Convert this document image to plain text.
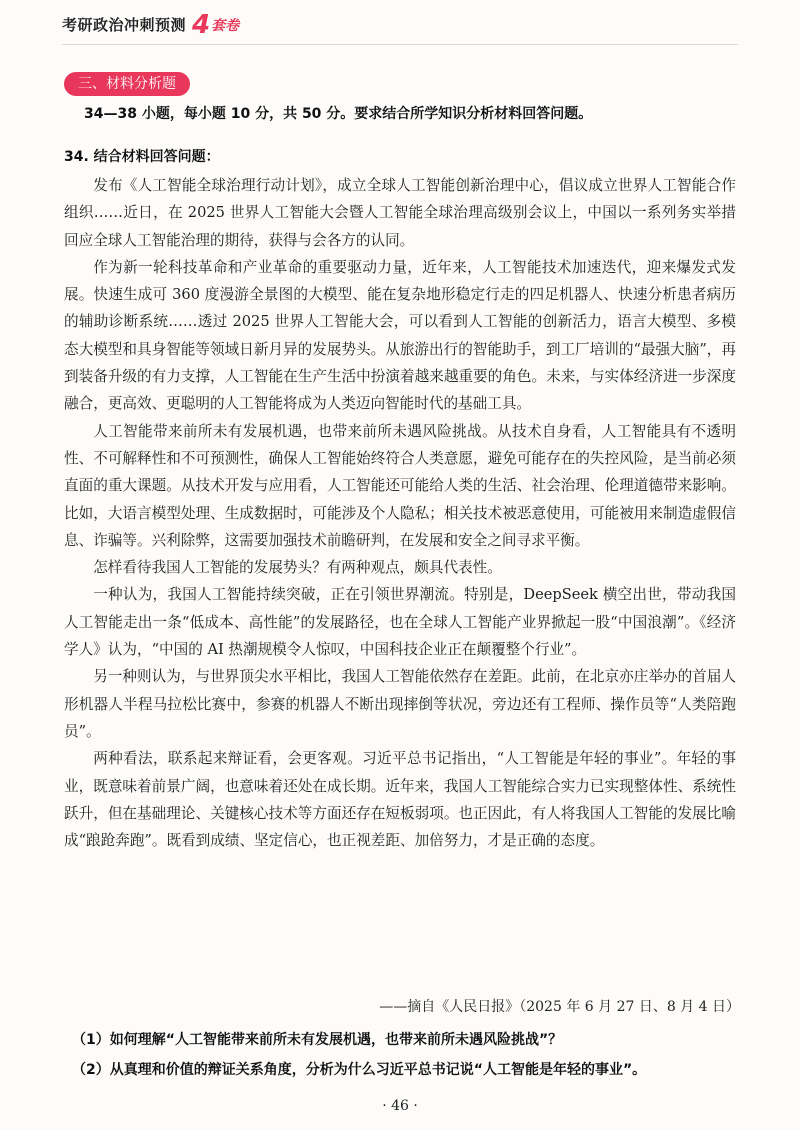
考研政治冲刺预测 4 套卷
三、材料分析题
34—38 小题，每小题 10 分，共 50 分。要求结合所学知识分析材料回答问题。
34. 结合材料回答问题：

发布《人工智能全球治理行动计划》，成立全球人工智能创新治理中心，倡议成立世界人工智能合作组织……近日，在 2025 世界人工智能大会暨人工智能全球治理高级别会议上，中国以一系列务实举措回应全球人工智能治理的期待，获得与会各方的认同。

作为新一轮科技革命和产业革命的重要驱动力量，近年来，人工智能技术加速迭代，迎来爆发式发展。快速生成可 360 度漫游全景图的大模型、能在复杂地形稳定行走的四足机器人、快速分析患者病历的辅助诊断系统……透过 2025 世界人工智能大会，可以看到人工智能的创新活力，语言大模型、多模态大模型和具身智能等领域日新月异的发展势头。从旅游出行的智能助手，到工厂培训的“最强大脑”，再到装备升级的有力支撑，人工智能在生产生活中扮演着越来越重要的角色。未来，与实体经济进一步深度融合，更高效、更聪明的人工智能将成为人类迈向智能时代的基础工具。

人工智能带来前所未有发展机遇，也带来前所未遇风险挑战。从技术自身看，人工智能具有不透明性、不可解释性和不可预测性，确保人工智能始终符合人类意愿，避免可能存在的失控风险，是当前必须直面的重大课题。从技术开发与应用看，人工智能还可能给人类的生活、社会治理、伦理道德带来影响。比如，大语言模型处理、生成数据时，可能涉及个人隐私；相关技术被恶意使用，可能被用来制造虚假信息、诈骗等。兴利除弊，这需要加强技术前瞻研判，在发展和安全之间寻求平衡。

怎样看待我国人工智能的发展势头？有两种观点，颇具代表性。

一种认为，我国人工智能持续突破，正在引领世界潮流。特别是，DeepSeek 横空出世，带动我国人工智能走出一条“低成本、高性能”的发展路径，也在全球人工智能产业界掀起一股“中国浪潮”。《经济学人》认为，“中国的 AI 热潮规模令人惊叹，中国科技企业正在颠覆整个行业”。

另一种则认为，与世界顶尖水平相比，我国人工智能依然存在差距。此前，在北京亦庄举办的首届人形机器人半程马拉松比赛中，参赛的机器人不断出现摔倒等状况，旁边还有工程师、操作员等“人类陪跑员”。

两种看法，联系起来辩证看，会更客观。习近平总书记指出，“人工智能是年轻的事业”。年轻的事业，既意味着前景广阔，也意味着还处在成长期。近年来，我国人工智能综合实力已实现整体性、系统性跃升，但在基础理论、关键核心技术等方面还存在短板弱项。也正因此，有人将我国人工智能的发展比喻成“踉跄奔跑”。既看到成绩、坚定信心，也正视差距、加倍努力，才是正确的态度。

——摘自《人民日报》（2025 年 6 月 27 日、8 月 4 日）
（1）如何理解“人工智能带来前所未有发展机遇，也带来前所未遇风险挑战”？
（2）从真理和价值的辩证关系角度，分析为什么习近平总书记说“人工智能是年轻的事业”。
· 46 ·
